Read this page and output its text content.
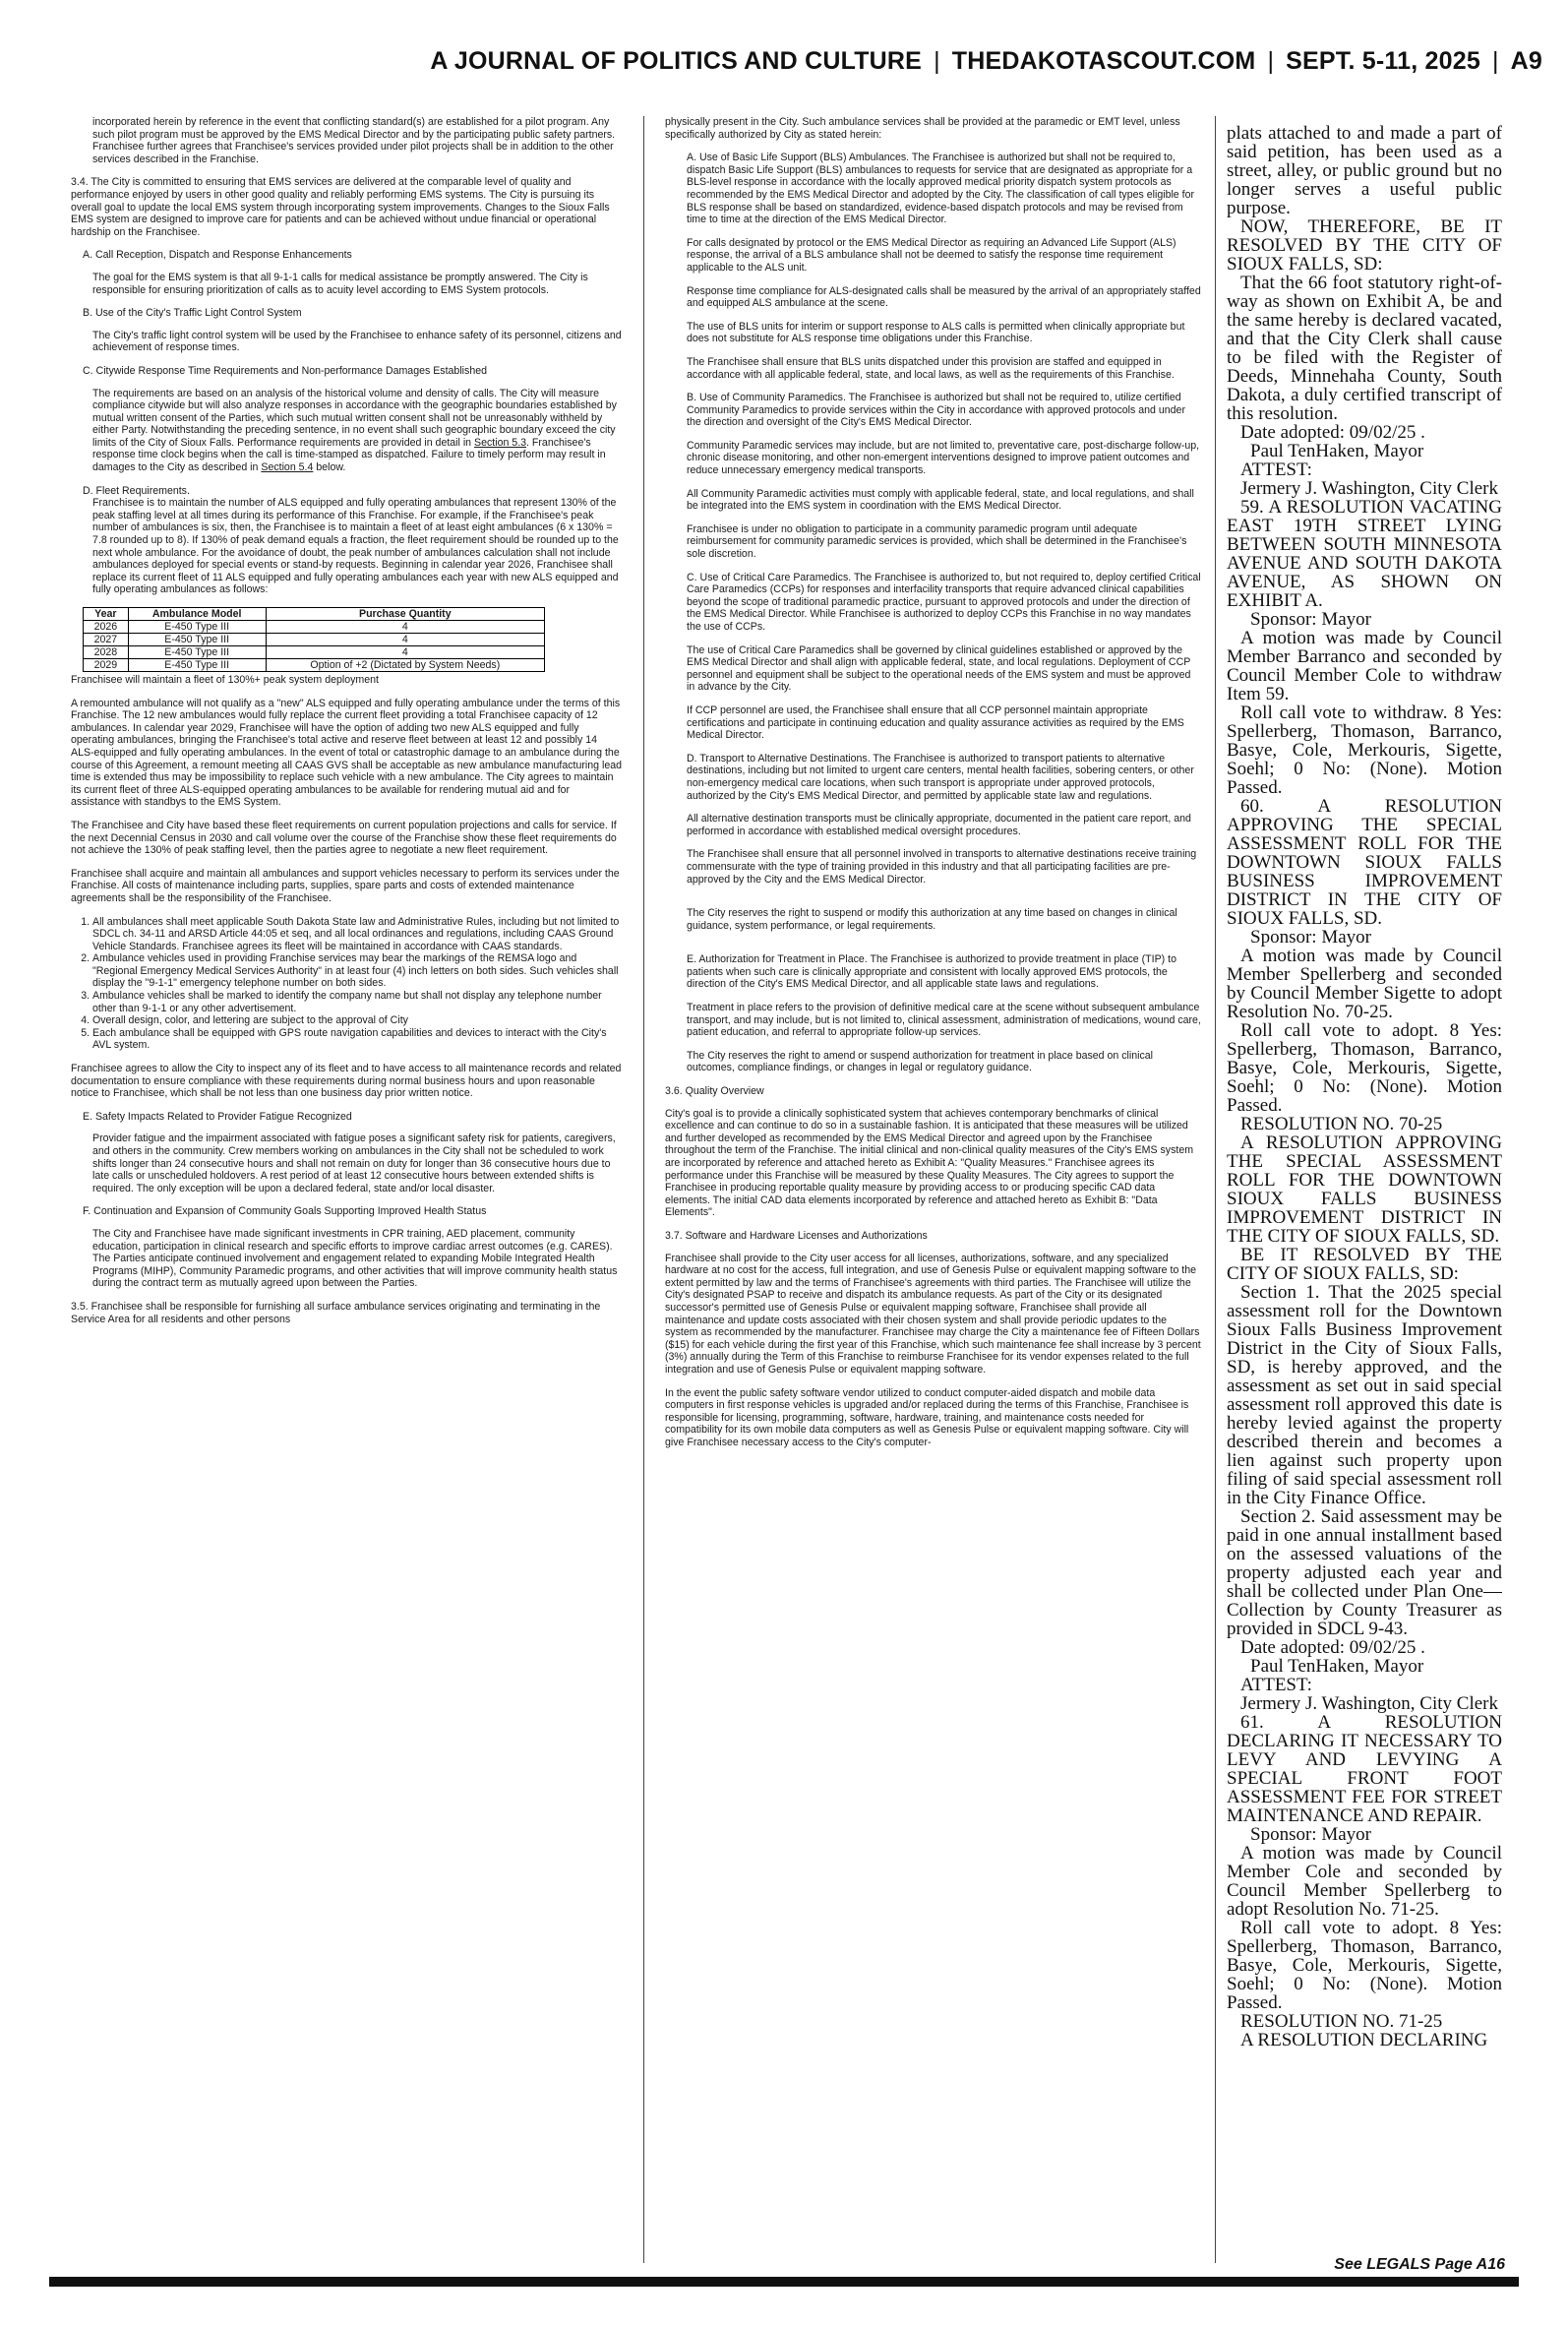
A JOURNAL OF POLITICS AND CULTURE | THEDAKOTASCOUT.COM | SEPT. 5-11, 2025 | A9

incorporated herein by reference in the event that conflicting standard(s) are established for a pilot program. Any such pilot program must be approved by the EMS Medical Director and by the participating public safety partners. Franchisee further agrees that Franchisee's services provided under pilot projects shall be in addition to the other services described in the Franchise.

3.4. The City is committed to ensuring that EMS services are delivered at the comparable level of quality and performance enjoyed by users in other good quality and reliably performing EMS systems. The City is pursuing its overall goal to update the local EMS system through incorporating system improvements. Changes to the Sioux Falls EMS system are designed to improve care for patients and can be achieved without undue financial or operational hardship on the Franchisee.

A. Call Reception, Dispatch and Response Enhancements

The goal for the EMS system is that all 9-1-1 calls for medical assistance be promptly answered. The City is responsible for ensuring prioritization of calls as to acuity level according to EMS System protocols.

B. Use of the City's Traffic Light Control System

The City's traffic light control system will be used by the Franchisee to enhance safety of its personnel, citizens and achievement of response times.

C. Citywide Response Time Requirements and Non-performance Damages Established

The requirements are based on an analysis of the historical volume and density of calls. The City will measure compliance citywide but will also analyze responses in accordance with the geographic boundaries established by mutual written consent of the Parties, which such mutual written consent shall not be unreasonably withheld by either Party. Notwithstanding the preceding sentence, in no event shall such geographic boundary exceed the city limits of the City of Sioux Falls. Performance requirements are provided in detail in Section 5.3. Franchisee's response time clock begins when the call is time-stamped as dispatched. Failure to timely perform may result in damages to the City as described in Section 5.4 below.

D. Fleet Requirements.

Franchisee is to maintain the number of ALS equipped and fully operating ambulances that represent 130% of the peak staffing level at all times during its performance of this Franchise. For example, if the Franchisee's peak number of ambulances is six, then, the Franchisee is to maintain a fleet of at least eight ambulances (6 x 130% = 7.8 rounded up to 8). If 130% of peak demand equals a fraction, the fleet requirement should be rounded up to the next whole ambulance. For the avoidance of doubt, the peak number of ambulances calculation shall not include ambulances deployed for special events or stand-by requests. Beginning in calendar year 2026, Franchisee shall replace its current fleet of 11 ALS equipped and fully operating ambulances each year with new ALS equipped and fully operating ambulances as follows:

Year	Ambulance Model	Purchase Quantity
2026	E-450 Type III	4
2027	E-450 Type III	4
2028	E-450 Type III	4
2029	E-450 Type III	Option of +2 (Dictated by System Needs)

Franchisee will maintain a fleet of 130%+ peak system deployment

A remounted ambulance will not qualify as a "new" ALS equipped and fully operating ambulance under the terms of this Franchise. The 12 new ambulances would fully replace the current fleet providing a total Franchisee capacity of 12 ambulances. In calendar year 2029, Franchisee will have the option of adding two new ALS equipped and fully operating ambulances, bringing the Franchisee's total active and reserve fleet between at least 12 and possibly 14 ALS-equipped and fully operating ambulances. In the event of total or catastrophic damage to an ambulance during the course of this Agreement, a remount meeting all CAAS GVS shall be acceptable as new ambulance manufacturing lead time is extended thus may be impossibility to replace such vehicle with a new ambulance. The City agrees to maintain its current fleet of three ALS-equipped operating ambulances to be available for rendering mutual aid and for assistance with standbys to the EMS System.

The Franchisee and City have based these fleet requirements on current population projections and calls for service. If the next Decennial Census in 2030 and call volume over the course of the Franchise show these fleet requirements do not achieve the 130% of peak staffing level, then the parties agree to negotiate a new fleet requirement.

Franchisee shall acquire and maintain all ambulances and support vehicles necessary to perform its services under the Franchise. All costs of maintenance including parts, supplies, spare parts and costs of extended maintenance agreements shall be the responsibility of the Franchisee.

1. All ambulances shall meet applicable South Dakota State law and Administrative Rules, including but not limited to SDCL ch. 34-11 and ARSD Article 44:05 et seq, and all local ordinances and regulations, including CAAS Ground Vehicle Standards. Franchisee agrees its fleet will be maintained in accordance with CAAS standards.
2. Ambulance vehicles used in providing Franchise services may bear the markings of the REMSA logo and "Regional Emergency Medical Services Authority" in at least four (4) inch letters on both sides. Such vehicles shall display the "9-1-1" emergency telephone number on both sides.
3. Ambulance vehicles shall be marked to identify the company name but shall not display any telephone number other than 9-1-1 or any other advertisement.
4. Overall design, color, and lettering are subject to the approval of City
5. Each ambulance shall be equipped with GPS route navigation capabilities and devices to interact with the City's AVL system.

Franchisee agrees to allow the City to inspect any of its fleet and to have access to all maintenance records and related documentation to ensure compliance with these requirements during normal business hours and upon reasonable notice to Franchisee, which shall be not less than one business day prior written notice.

E. Safety Impacts Related to Provider Fatigue Recognized

Provider fatigue and the impairment associated with fatigue poses a significant safety risk for patients, caregivers, and others in the community. Crew members working on ambulances in the City shall not be scheduled to work shifts longer than 24 consecutive hours and shall not remain on duty for longer than 36 consecutive hours due to late calls or unscheduled holdovers. A rest period of at least 12 consecutive hours between extended shifts is required. The only exception will be upon a declared federal, state and/or local disaster.

F. Continuation and Expansion of Community Goals Supporting Improved Health Status

The City and Franchisee have made significant investments in CPR training, AED placement, community education, participation in clinical research and specific efforts to improve cardiac arrest outcomes (e.g. CARES). The Parties anticipate continued involvement and engagement related to expanding Mobile Integrated Health Programs (MIHP), Community Paramedic programs, and other activities that will improve community health status during the contract term as mutually agreed upon between the Parties.

3.5. Franchisee shall be responsible for furnishing all surface ambulance services originating and terminating in the Service Area for all residents and other persons

physically present in the City. Such ambulance services shall be provided at the paramedic or EMT level, unless specifically authorized by City as stated herein:

A. Use of Basic Life Support (BLS) Ambulances. The Franchisee is authorized but shall not be required to, dispatch Basic Life Support (BLS) ambulances to requests for service that are designated as appropriate for a BLS-level response in accordance with the locally approved medical priority dispatch system protocols as recommended by the EMS Medical Director and adopted by the City. The classification of call types eligible for BLS response shall be based on standardized, evidence-based dispatch protocols and may be revised from time to time at the direction of the EMS Medical Director.

For calls designated by protocol or the EMS Medical Director as requiring an Advanced Life Support (ALS) response, the arrival of a BLS ambulance shall not be deemed to satisfy the response time requirement applicable to the ALS unit.

Response time compliance for ALS-designated calls shall be measured by the arrival of an appropriately staffed and equipped ALS ambulance at the scene.

The use of BLS units for interim or support response to ALS calls is permitted when clinically appropriate but does not substitute for ALS response time obligations under this Franchise.

The Franchisee shall ensure that BLS units dispatched under this provision are staffed and equipped in accordance with all applicable federal, state, and local laws, as well as the requirements of this Franchise.

B. Use of Community Paramedics. The Franchisee is authorized but shall not be required to, utilize certified Community Paramedics to provide services within the City in accordance with approved protocols and under the direction and oversight of the City's EMS Medical Director.

Community Paramedic services may include, but are not limited to, preventative care, post-discharge follow-up, chronic disease monitoring, and other non-emergent interventions designed to improve patient outcomes and reduce unnecessary emergency medical transports.

All Community Paramedic activities must comply with applicable federal, state, and local regulations, and shall be integrated into the EMS system in coordination with the EMS Medical Director.

Franchisee is under no obligation to participate in a community paramedic program until adequate reimbursement for community paramedic services is provided, which shall be determined in the Franchisee's sole discretion.

C. Use of Critical Care Paramedics. The Franchisee is authorized to, but not required to, deploy certified Critical Care Paramedics (CCPs) for responses and interfacility transports that require advanced clinical capabilities beyond the scope of traditional paramedic practice, pursuant to approved protocols and under the direction of the EMS Medical Director. While Franchisee is authorized to deploy CCPs this Franchise in no way mandates the use of CCPs.

The use of Critical Care Paramedics shall be governed by clinical guidelines established or approved by the EMS Medical Director and shall align with applicable federal, state, and local regulations. Deployment of CCP personnel and equipment shall be subject to the operational needs of the EMS system and must be approved in advance by the City.

If CCP personnel are used, the Franchisee shall ensure that all CCP personnel maintain appropriate certifications and participate in continuing education and quality assurance activities as required by the EMS Medical Director.

D. Transport to Alternative Destinations. The Franchisee is authorized to transport patients to alternative destinations, including but not limited to urgent care centers, mental health facilities, sobering centers, or other non-emergency medical care locations, when such transport is appropriate under approved protocols, authorized by the City's EMS Medical Director, and permitted by applicable state law and regulations.

All alternative destination transports must be clinically appropriate, documented in the patient care report, and performed in accordance with established medical oversight procedures.

The Franchisee shall ensure that all personnel involved in transports to alternative destinations receive training commensurate with the type of training provided in this industry and that all participating facilities are pre-approved by the City and the EMS Medical Director.

The City reserves the right to suspend or modify this authorization at any time based on changes in clinical guidance, system performance, or legal requirements.

E. Authorization for Treatment in Place. The Franchisee is authorized to provide treatment in place (TIP) to patients when such care is clinically appropriate and consistent with locally approved EMS protocols, the direction of the City's EMS Medical Director, and all applicable state laws and regulations.

Treatment in place refers to the provision of definitive medical care at the scene without subsequent ambulance transport, and may include, but is not limited to, clinical assessment, administration of medications, wound care, patient education, and referral to appropriate follow-up services.

The City reserves the right to amend or suspend authorization for treatment in place based on clinical outcomes, compliance findings, or changes in legal or regulatory guidance.

3.6. Quality Overview

City's goal is to provide a clinically sophisticated system that achieves contemporary benchmarks of clinical excellence and can continue to do so in a sustainable fashion. It is anticipated that these measures will be utilized and further developed as recommended by the EMS Medical Director and agreed upon by the Franchisee throughout the term of the Franchise. The initial clinical and non-clinical quality measures of the City's EMS system are incorporated by reference and attached hereto as Exhibit A: "Quality Measures." Franchisee agrees its performance under this Franchise will be measured by these Quality Measures. The City agrees to support the Franchisee in producing reportable quality measure by providing access to or producing specific CAD data elements. The initial CAD data elements incorporated by reference and attached hereto as Exhibit B: "Data Elements".

3.7. Software and Hardware Licenses and Authorizations

Franchisee shall provide to the City user access for all licenses, authorizations, software, and any specialized hardware at no cost for the access, full integration, and use of Genesis Pulse or equivalent mapping software to the extent permitted by law and the terms of Franchisee's agreements with third parties. The Franchisee will utilize the City's designated PSAP to receive and dispatch its ambulance requests. As part of the City or its designated successor's permitted use of Genesis Pulse or equivalent mapping software, Franchisee shall provide all maintenance and update costs associated with their chosen system and shall provide periodic updates to the system as recommended by the manufacturer. Franchisee may charge the City a maintenance fee of Fifteen Dollars ($15) for each vehicle during the first year of this Franchise, which such maintenance fee shall increase by 3 percent (3%) annually during the Term of this Franchise to reimburse Franchisee for its vendor expenses related to the full integration and use of Genesis Pulse or equivalent mapping software.

In the event the public safety software vendor utilized to conduct computer-aided dispatch and mobile data computers in first response vehicles is upgraded and/or replaced during the terms of this Franchise, Franchisee is responsible for licensing, programming, software, hardware, training, and maintenance costs needed for compatibility for its own mobile data computers as well as Genesis Pulse or equivalent mapping software. City will give Franchisee necessary access to the City's computer-

plats attached to and made a part of said petition, has been used as a street, alley, or public ground but no longer serves a useful public purpose.

NOW, THEREFORE, BE IT RESOLVED BY THE CITY OF SIOUX FALLS, SD:

That the 66 foot statutory right-of-way as shown on Exhibit A, be and the same hereby is declared vacated, and that the City Clerk shall cause to be filed with the Register of Deeds, Minnehaha County, South Dakota, a duly certified transcript of this resolution.

Date adopted: 09/02/25 .

Paul TenHaken, Mayor

ATTEST:

Jermery J. Washington, City Clerk

59. A RESOLUTION VACATING EAST 19TH STREET LYING BETWEEN SOUTH MINNESOTA AVENUE AND SOUTH DAKOTA AVENUE, AS SHOWN ON EXHIBIT A.

Sponsor: Mayor

A motion was made by Council Member Barranco and seconded by Council Member Cole to withdraw Item 59.

Roll call vote to withdraw. 8 Yes: Spellerberg, Thomason, Barranco, Basye, Cole, Merkouris, Sigette, Soehl; 0 No: (None). Motion Passed.

60. A RESOLUTION APPROVING THE SPECIAL ASSESSMENT ROLL FOR THE DOWNTOWN SIOUX FALLS BUSINESS IMPROVEMENT DISTRICT IN THE CITY OF SIOUX FALLS, SD.

Sponsor: Mayor

A motion was made by Council Member Spellerberg and seconded by Council Member Sigette to adopt Resolution No. 70-25.

Roll call vote to adopt. 8 Yes: Spellerberg, Thomason, Barranco, Basye, Cole, Merkouris, Sigette, Soehl; 0 No: (None). Motion Passed.

RESOLUTION NO. 70-25

A RESOLUTION APPROVING THE SPECIAL ASSESSMENT ROLL FOR THE DOWNTOWN SIOUX FALLS BUSINESS IMPROVEMENT DISTRICT IN THE CITY OF SIOUX FALLS, SD.

BE IT RESOLVED BY THE CITY OF SIOUX FALLS, SD:

Section 1. That the 2025 special assessment roll for the Downtown Sioux Falls Business Improvement District in the City of Sioux Falls, SD, is hereby approved, and the assessment as set out in said special assessment roll approved this date is hereby levied against the property described therein and becomes a lien against such property upon filing of said special assessment roll in the City Finance Office.

Section 2. Said assessment may be paid in one annual installment based on the assessed valuations of the property adjusted each year and shall be collected under Plan One—Collection by County Treasurer as provided in SDCL 9-43.

Date adopted: 09/02/25 .

Paul TenHaken, Mayor

ATTEST:

Jermery J. Washington, City Clerk

61. A RESOLUTION DECLARING IT NECESSARY TO LEVY AND LEVYING A SPECIAL FRONT FOOT ASSESSMENT FEE FOR STREET MAINTENANCE AND REPAIR.

Sponsor: Mayor

A motion was made by Council Member Cole and seconded by Council Member Spellerberg to adopt Resolution No. 71-25.

Roll call vote to adopt. 8 Yes: Spellerberg, Thomason, Barranco, Basye, Cole, Merkouris, Sigette, Soehl; 0 No: (None). Motion Passed.

RESOLUTION NO. 71-25

A RESOLUTION DECLARING

See LEGALS Page A16
